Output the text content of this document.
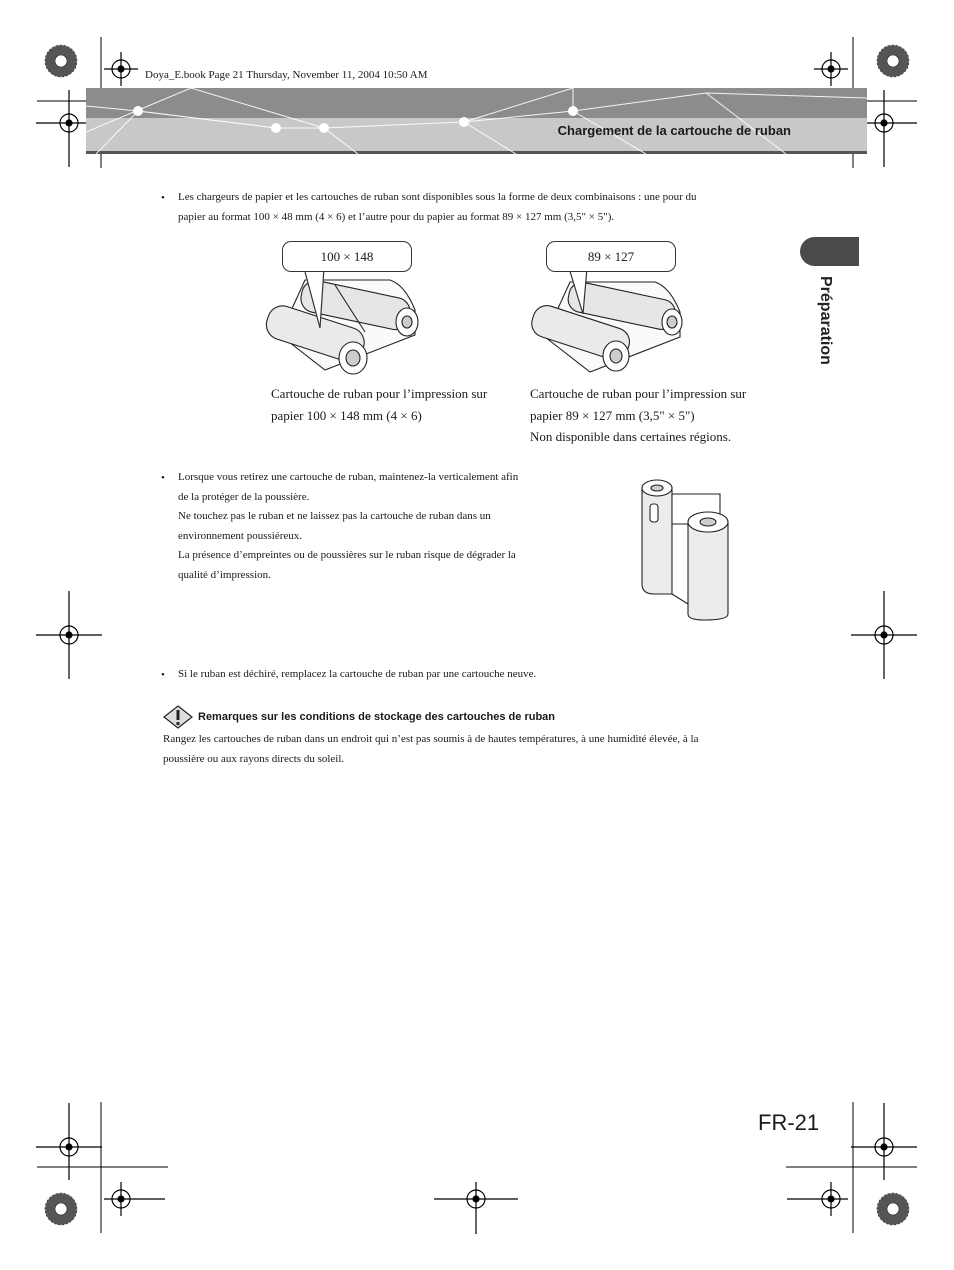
Doya_E.book Page 21 Thursday, November 11, 2004 10:50 AM
Chargement de la cartouche de ruban
Préparation
• Les chargeurs de papier et les cartouches de ruban sont disponibles sous la forme de deux combinaisons : une pour du
papier au format 100 × 48 mm (4 × 6) et l’autre pour du papier au format 89 × 127 mm (3,5" × 5").
100 × 148
Cartouche de ruban pour l’impression sur
papier 100 × 148 mm (4 × 6)
89 × 127
Cartouche de ruban pour l’impression sur
papier 89 × 127 mm (3,5" × 5")
Non disponible dans certaines régions.
• Lorsque vous retirez une cartouche de ruban, maintenez-la verticalement afin
de la protéger de la poussière.
Ne touchez pas le ruban et ne laissez pas la cartouche de ruban dans un
environnement poussiéreux.
La présence d’empreintes ou de poussières sur le ruban risque de dégrader la
qualité d’impression.
• Si le ruban est déchiré, remplacez la cartouche de ruban par une cartouche neuve.
Remarques sur les conditions de stockage des cartouches de ruban
Rangez les cartouches de ruban dans un endroit qui n’est pas soumis à de hautes températures, à une humidité élevée, à la
poussière ou aux rayons directs du soleil.
FR-21
